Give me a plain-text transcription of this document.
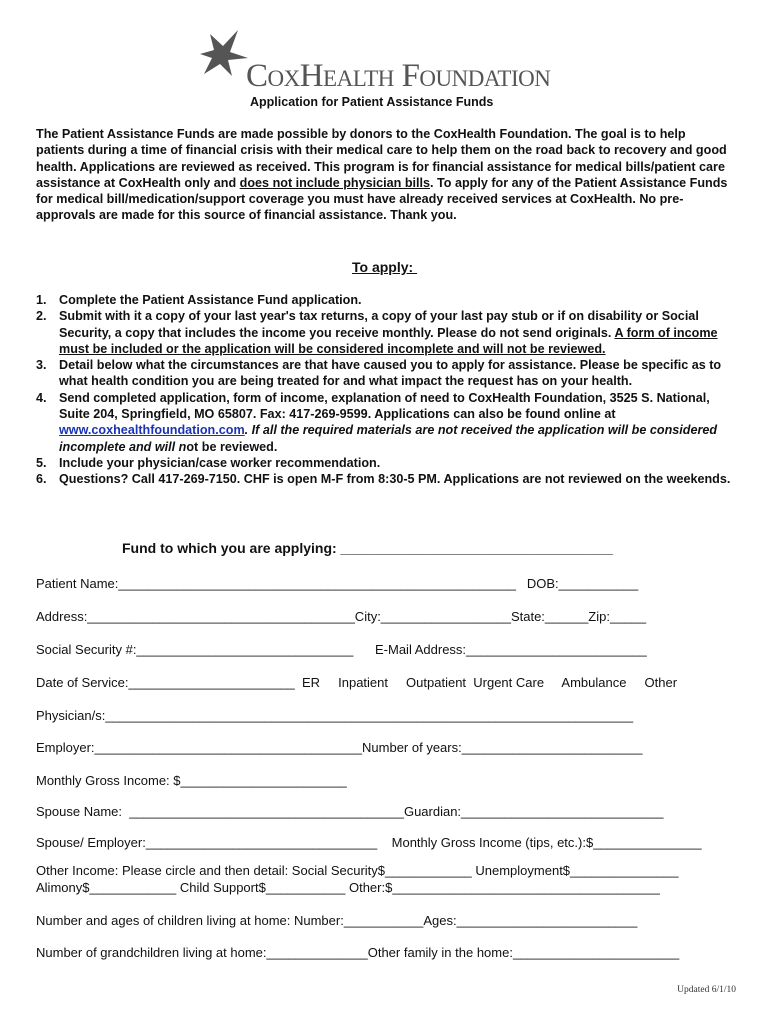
CoxHealth Foundation
Application for Patient Assistance Funds
The Patient Assistance Funds are made possible by donors to the CoxHealth Foundation. The goal is to help patients during a time of financial crisis with their medical care to help them on the road back to recovery and good health. Applications are reviewed as received. This program is for financial assistance for medical bills/patient care assistance at CoxHealth only and does not include physician bills. To apply for any of the Patient Assistance Funds for medical bill/medication/support coverage you must have already received services at CoxHealth. No pre-approvals are made for this source of financial assistance. Thank you.
To apply:
1. Complete the Patient Assistance Fund application.
2. Submit with it a copy of your last year's tax returns, a copy of your last pay stub or if on disability or Social Security, a copy that includes the income you receive monthly. Please do not send originals. A form of income must be included or the application will be considered incomplete and will not be reviewed.
3. Detail below what the circumstances are that have caused you to apply for assistance. Please be specific as to what health condition you are being treated for and what impact the request has on your health.
4. Send completed application, form of income, explanation of need to CoxHealth Foundation, 3525 S. National, Suite 204, Springfield, MO 65807. Fax: 417-269-9599. Applications can also be found online at www.coxhealthfoundation.com. If all the required materials are not received the application will be considered incomplete and will not be reviewed.
5. Include your physician/case worker recommendation.
6. Questions? Call 417-269-7150. CHF is open M-F from 8:30-5 PM. Applications are not reviewed on the weekends.
Fund to which you are applying: ___________________________________
Patient Name:_______________________________________________________   DOB:___________
Address:_____________________________________City:__________________State:______Zip:_____
Social Security #:______________________________      E-Mail Address:_________________________
Date of Service:_______________________  ER     Inpatient     Outpatient  Urgent Care     Ambulance     Other
Physician/s:_________________________________________________________________________
Employer:_____________________________________Number of years:_________________________
Monthly Gross Income: $_______________________
Spouse Name:  ______________________________________Guardian:____________________________
Spouse/ Employer:________________________________    Monthly Gross Income (tips, etc.):$_______________
Other Income: Please circle and then detail: Social Security$____________ Unemployment$_______________
Alimony$____________ Child Support$___________ Other:$_____________________________________
Number and ages of children living at home: Number:___________Ages:_________________________
Number of grandchildren living at home:______________Other family in the home:_______________________
Updated 6/1/10
